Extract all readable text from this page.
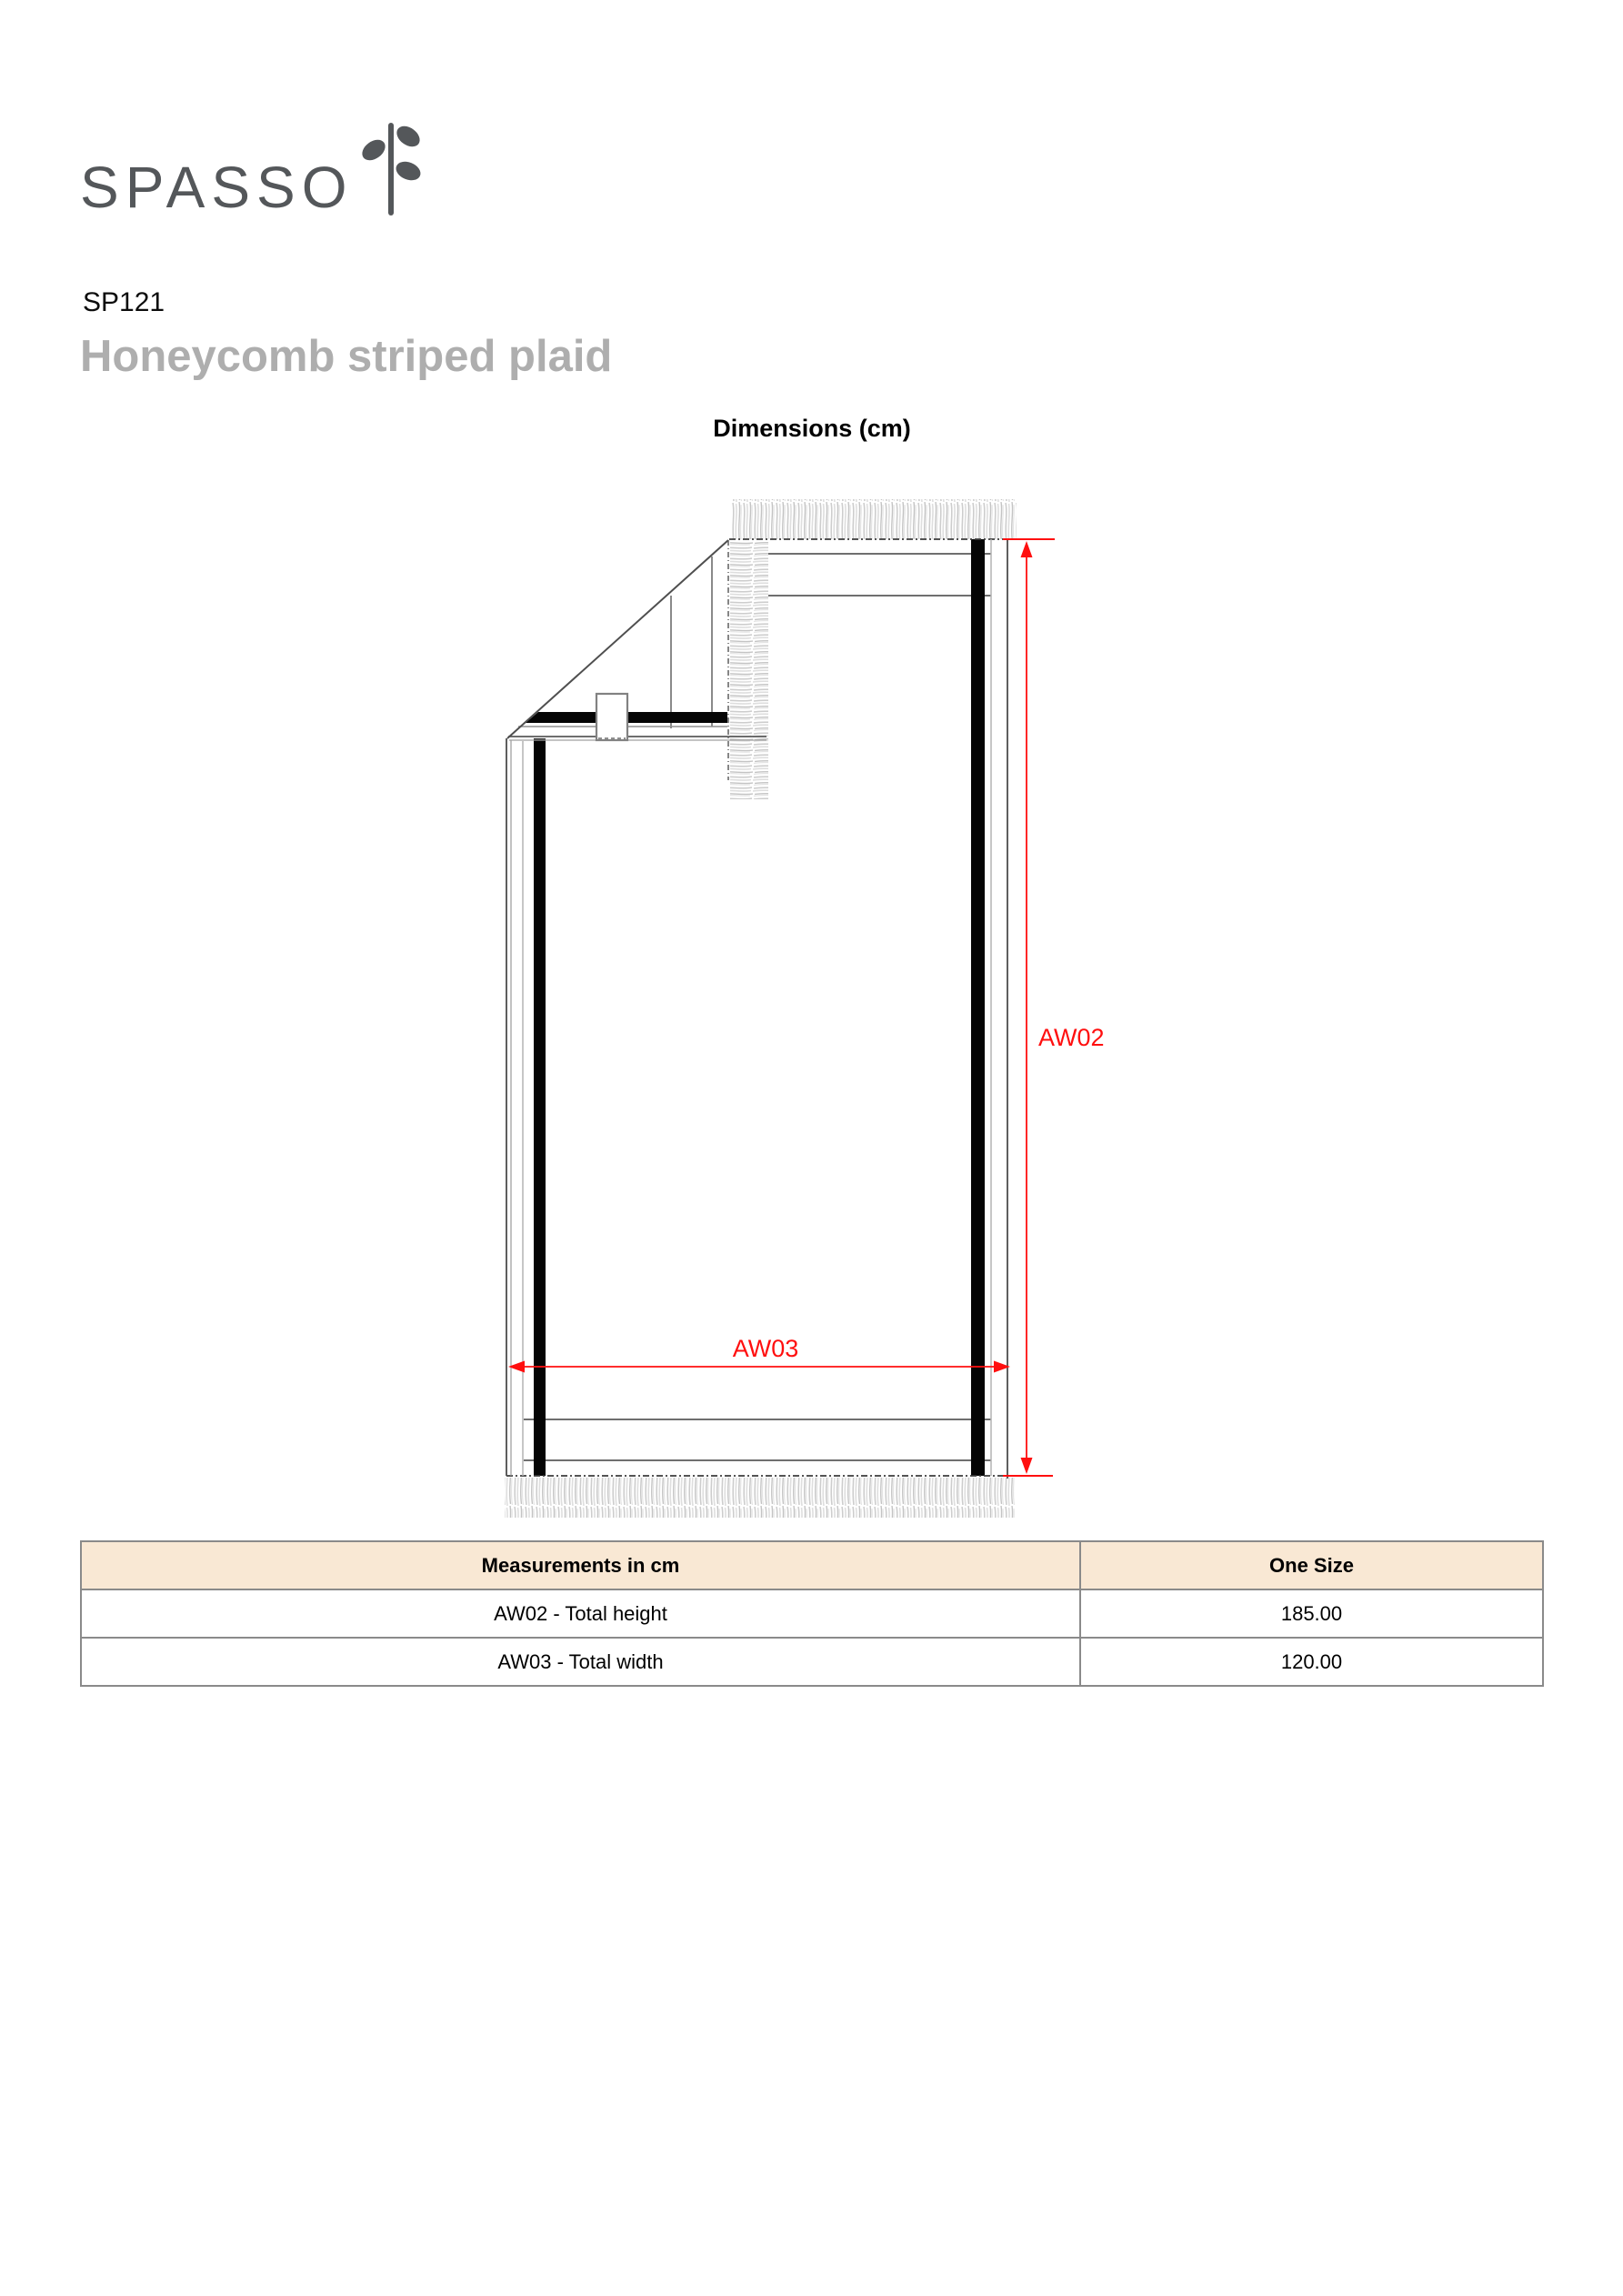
SPASSO
SP121
Honeycomb striped plaid
Dimensions (cm)
AW02
AW03
Measurements in cm	One Size
AW02 - Total height	185.00
AW03 - Total width	120.00
